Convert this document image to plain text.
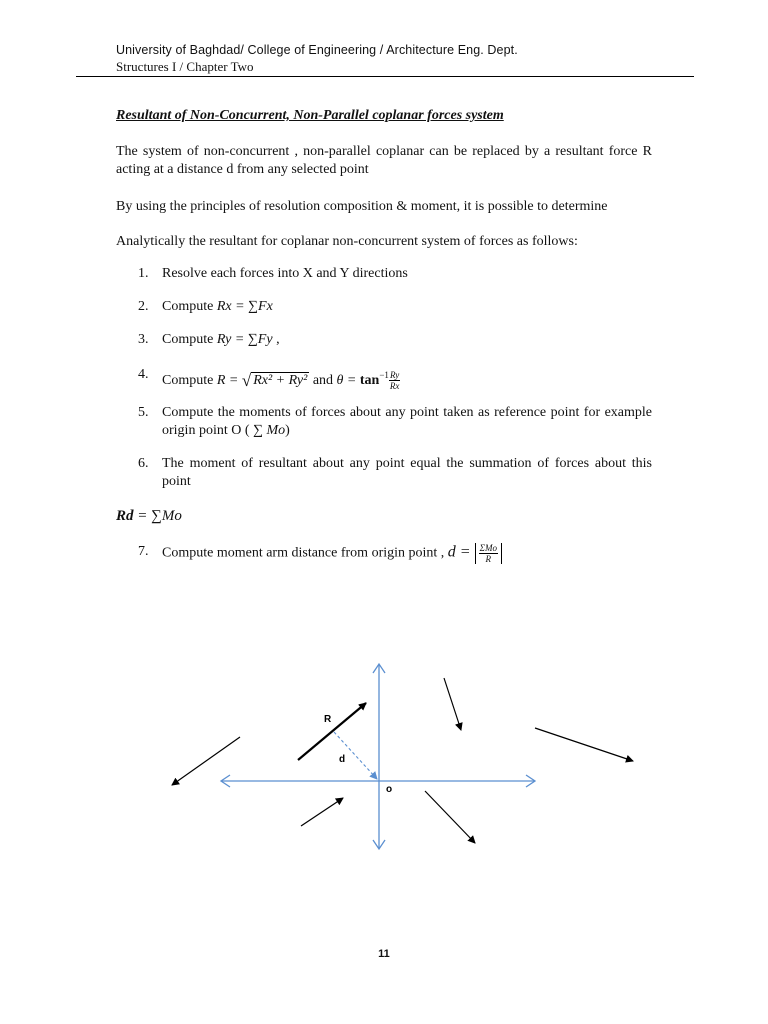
University of Baghdad/ College of Engineering / Architecture Eng. Dept.
Structures I / Chapter Two
Resultant of Non-Concurrent, Non-Parallel coplanar forces system
The system of non-concurrent , non-parallel coplanar can be replaced by a resultant force R acting at a distance d from any selected point
By using the principles of resolution composition & moment, it is possible to determine
Analytically the resultant for coplanar non-concurrent system of forces as follows:
1. Resolve each forces into X and Y directions
2. Compute Rx = ∑Fx
3. Compute Ry = ∑Fy ,
4. Compute R = √ Rx² + Ry² and $\theta = \tan^{-1} \frac{Ry}{Rx}$
5. Compute the moments of forces about any point taken as reference point for example origin point O ( ∑ Mo)
6. The moment of resultant about any point equal the summation of forces about this point
Rd = ∑Mo
7. Compute moment arm distance from origin point , $d = \frac{\text{ΣMo}}{R}$
R
d
o
11
